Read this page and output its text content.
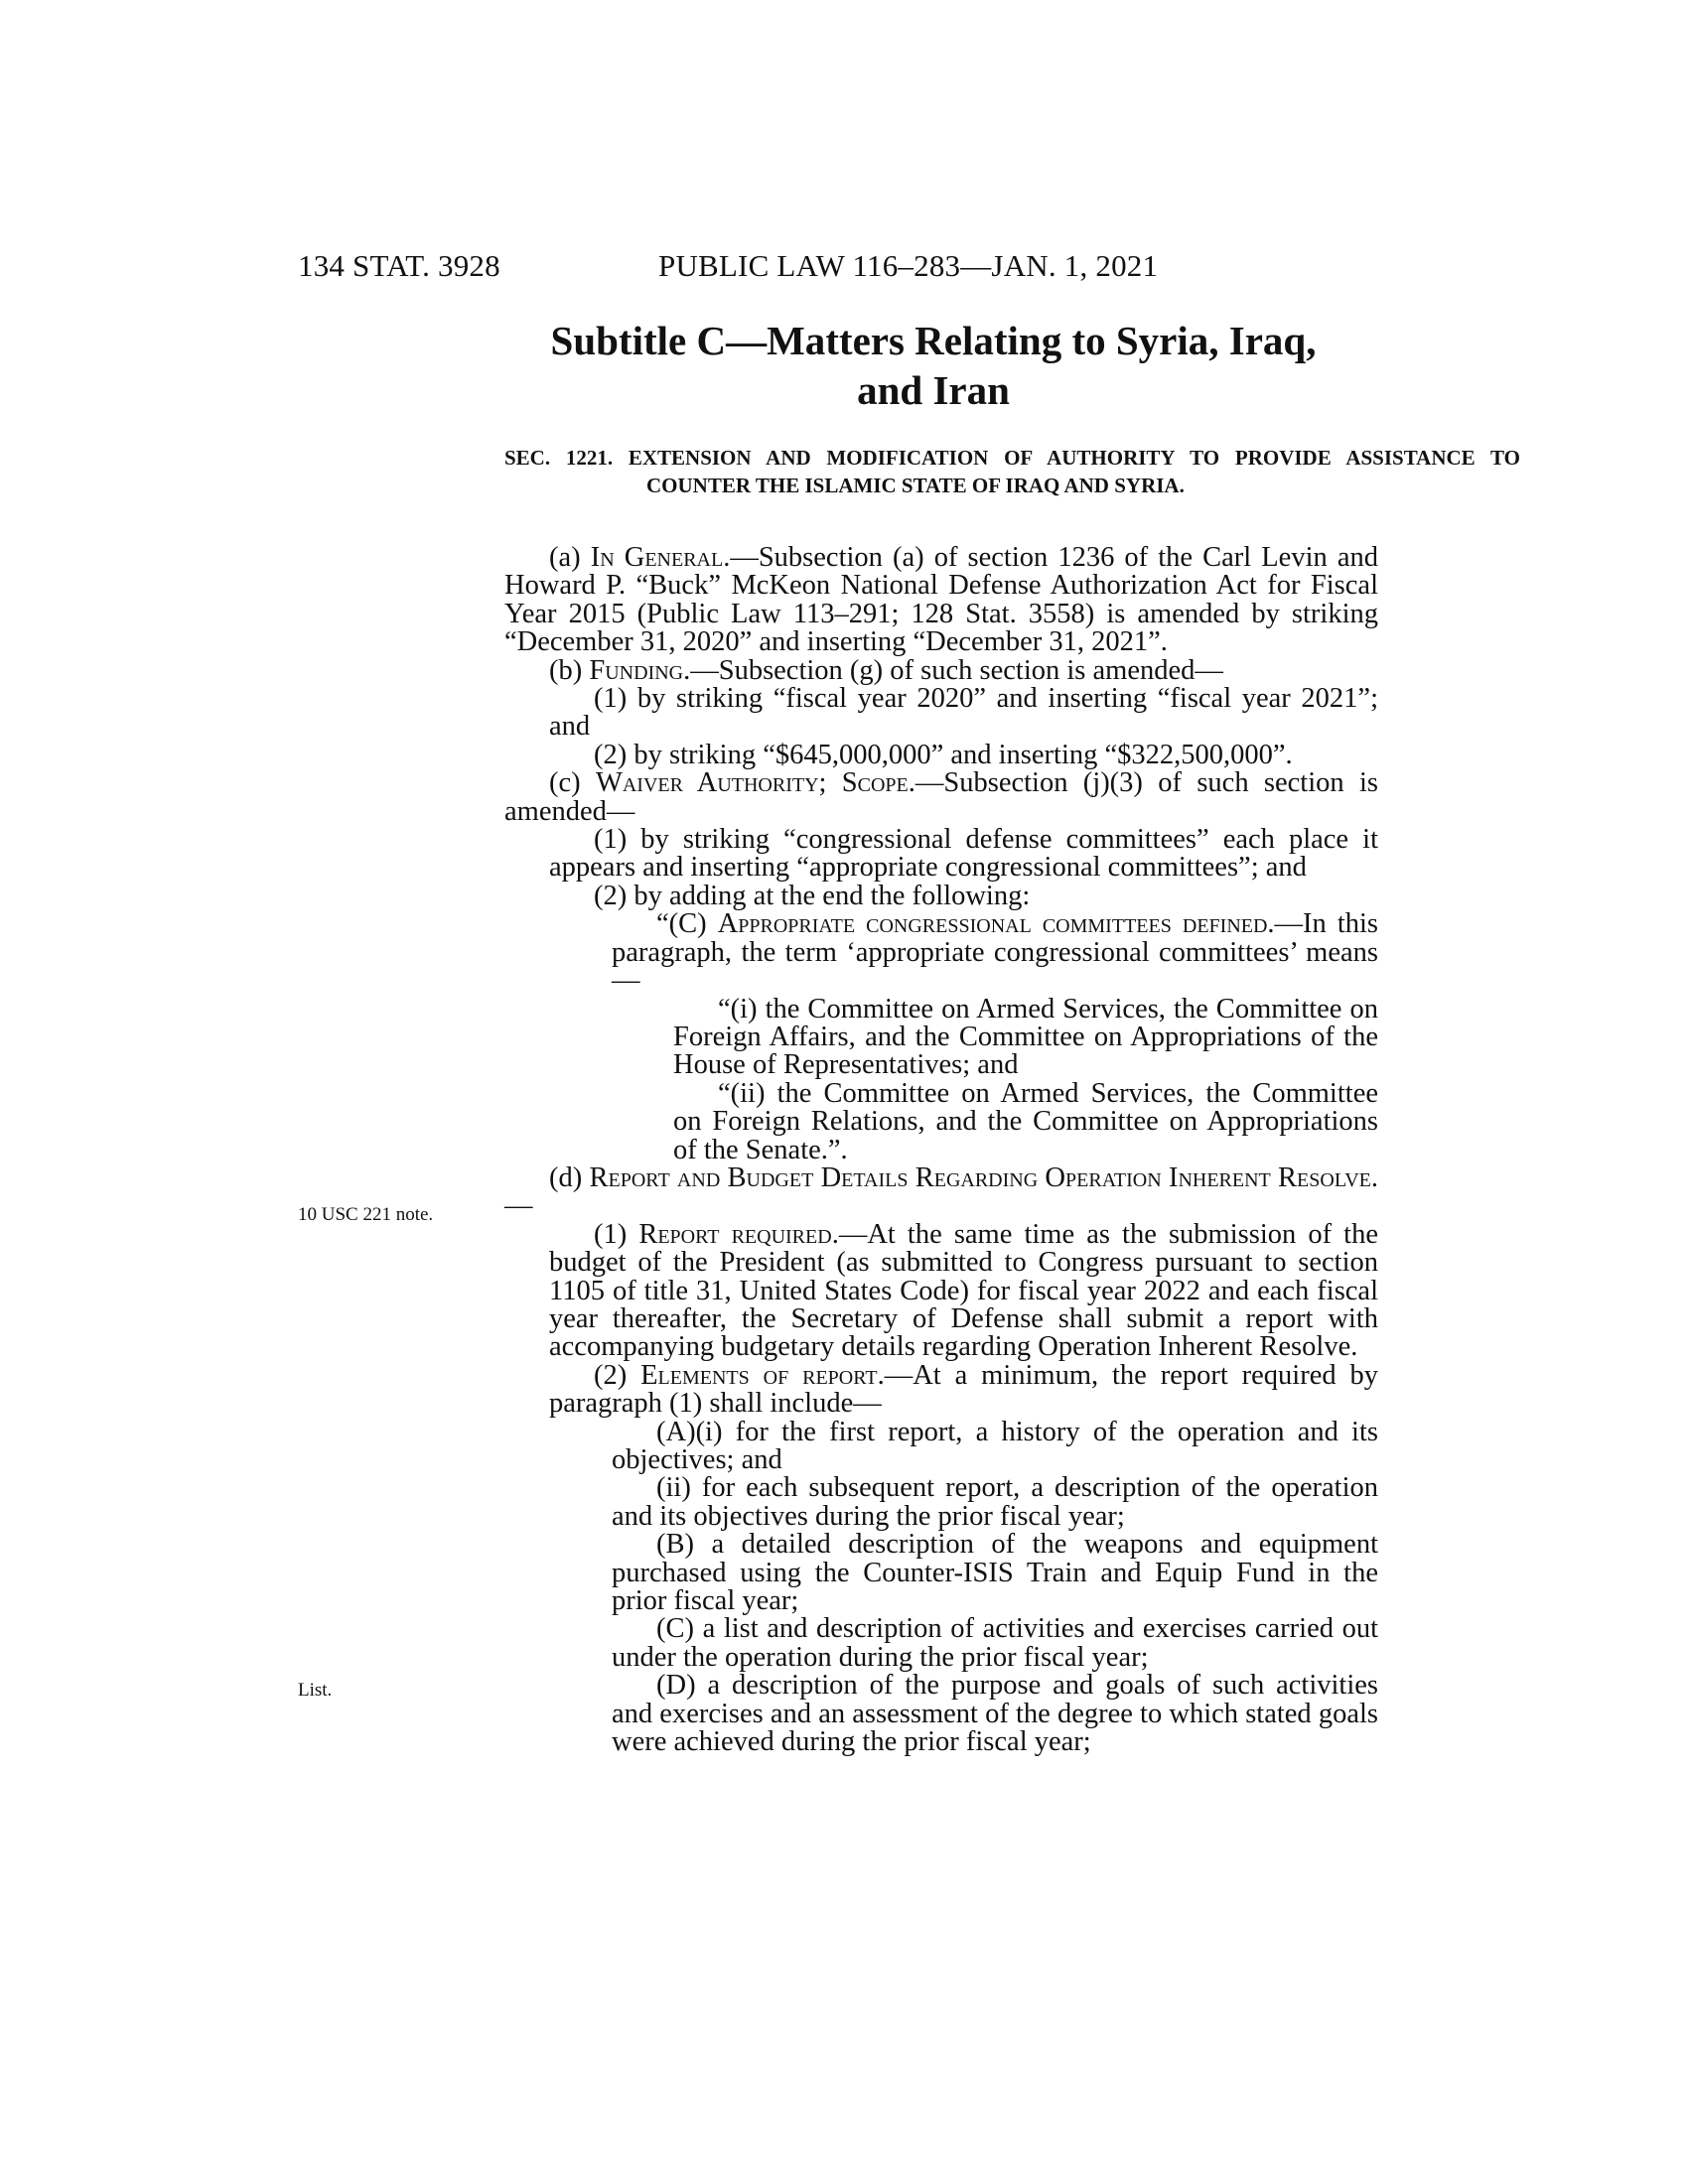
134 STAT. 3928	PUBLIC LAW 116–283—JAN. 1, 2021
Subtitle C—Matters Relating to Syria, Iraq,
and Iran
SEC. 1221. EXTENSION AND MODIFICATION OF AUTHORITY TO PROVIDE ASSISTANCE TO COUNTER THE ISLAMIC STATE OF IRAQ AND SYRIA.
10 USC 221 note.
List.

(a) In General.—Subsection (a) of section 1236 of the Carl Levin and Howard P. “Buck” McKeon National Defense Authorization Act for Fiscal Year 2015 (Public Law 113–291; 128 Stat. 3558) is amended by striking “December 31, 2020” and inserting “December 31, 2021”.

(b) Funding.—Subsection (g) of such section is amended—

(1) by striking “fiscal year 2020” and inserting “fiscal year 2021”; and

(2) by striking “$645,000,000” and inserting “$322,500,000”.

(c) Waiver Authority; Scope.—Subsection (j)(3) of such section is amended—

(1) by striking “congressional defense committees” each place it appears and inserting “appropriate congressional committees”; and

(2) by adding at the end the following:

“(C) Appropriate congressional committees defined.—In this paragraph, the term ‘appropriate congressional committees’ means—

“(i) the Committee on Armed Services, the Committee on Foreign Affairs, and the Committee on Appropriations of the House of Representatives; and

“(ii) the Committee on Armed Services, the Committee on Foreign Relations, and the Committee on Appropriations of the Senate.”.

(d) Report and Budget Details Regarding Operation Inherent Resolve.—

(1) Report required.—At the same time as the submission of the budget of the President (as submitted to Congress pursuant to section 1105 of title 31, United States Code) for fiscal year 2022 and each fiscal year thereafter, the Secretary of Defense shall submit a report with accompanying budgetary details regarding Operation Inherent Resolve.

(2) Elements of report.—At a minimum, the report required by paragraph (1) shall include—

(A)(i) for the first report, a history of the operation and its objectives; and

(ii) for each subsequent report, a description of the operation and its objectives during the prior fiscal year;

(B) a detailed description of the weapons and equipment purchased using the Counter-ISIS Train and Equip Fund in the prior fiscal year;

(C) a list and description of activities and exercises carried out under the operation during the prior fiscal year;

(D) a description of the purpose and goals of such activities and exercises and an assessment of the degree to which stated goals were achieved during the prior fiscal year;
